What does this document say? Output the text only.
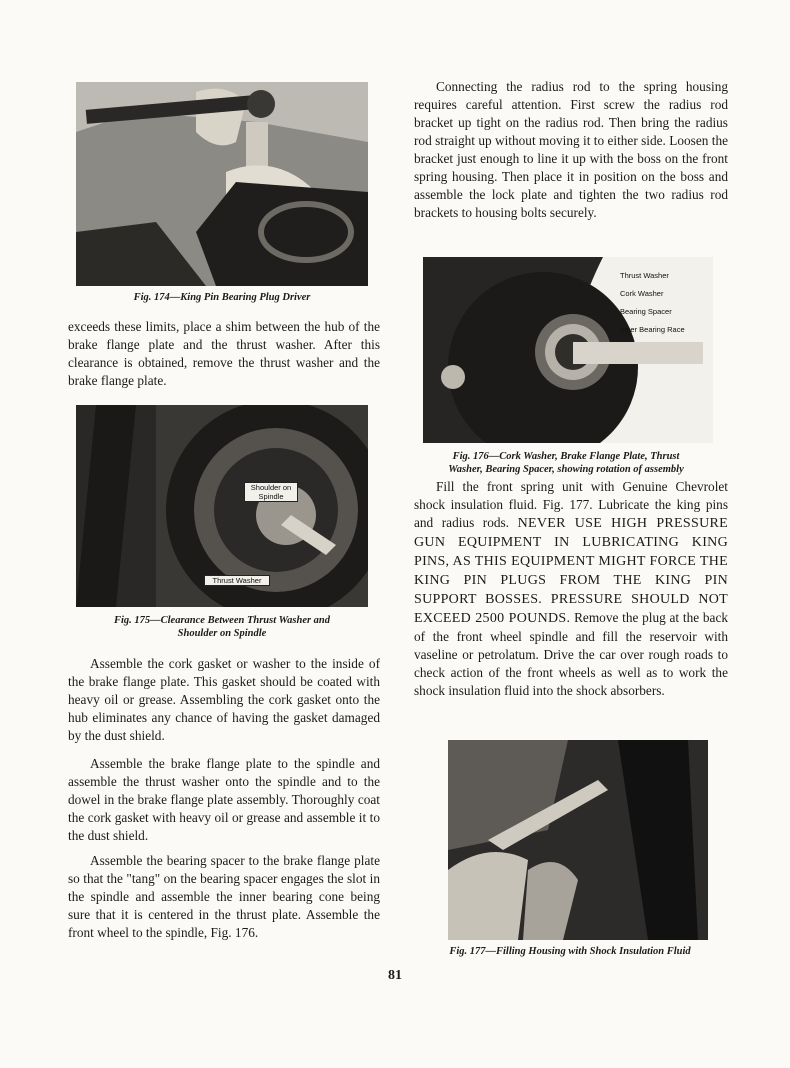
Fig. 174—King Pin Bearing Plug Driver
Shoulder on
Spindle
Thrust Washer
Fig. 175—Clearance Between Thrust Washer and
Shoulder on Spindle
Thrust Washer
Cork Washer
Bearing Spacer
Inner Bearing Race
Fig. 176—Cork Washer, Brake Flange Plate, Thrust
Washer, Bearing Spacer, showing rotation of assembly
Fig. 177—Filling Housing with Shock Insulation Fluid

exceeds these limits, place a shim between the hub of the brake flange plate and the thrust washer. After this clearance is obtained, remove the thrust washer and the brake flange plate.

Assemble the cork gasket or washer to the inside of the brake flange plate. This gasket should be coated with heavy oil or grease. Assembling the cork gasket onto the hub eliminates any chance of having the gasket damaged by the dust shield.

Assemble the brake flange plate to the spindle and assemble the thrust washer onto the spindle and to the dowel in the brake flange plate assembly. Thoroughly coat the cork gasket with heavy oil or grease and assemble it to the dust shield.

Assemble the bearing spacer to the brake flange plate so that the "tang" on the bearing spacer engages the slot in the spindle and assemble the inner bearing cone being sure that it is centered in the thrust plate. Assemble the front wheel to the spindle, Fig. 176.

Connecting the radius rod to the spring housing requires careful attention. First screw the radius rod bracket up tight on the radius rod. Then bring the radius rod straight up without moving it to either side. Loosen the bracket just enough to line it up with the boss on the front spring housing. Then place it in position on the boss and assemble the lock plate and tighten the two radius rod brackets to housing bolts securely.

Fill the front spring unit with Genuine Chevrolet shock insulation fluid. Fig. 177. Lubricate the king pins and radius rods. NEVER USE HIGH PRESSURE GUN EQUIPMENT IN LUBRICATING KING PINS, AS THIS EQUIPMENT MIGHT FORCE THE KING PIN PLUGS FROM THE KING PIN SUPPORT BOSSES. PRESSURE SHOULD NOT EXCEED 2500 POUNDS. Remove the plug at the back of the front wheel spindle and fill the reservoir with vaseline or petrolatum. Drive the car over rough roads to check action of the front wheels as well as to work the shock insulation fluid into the shock absorbers.

81
